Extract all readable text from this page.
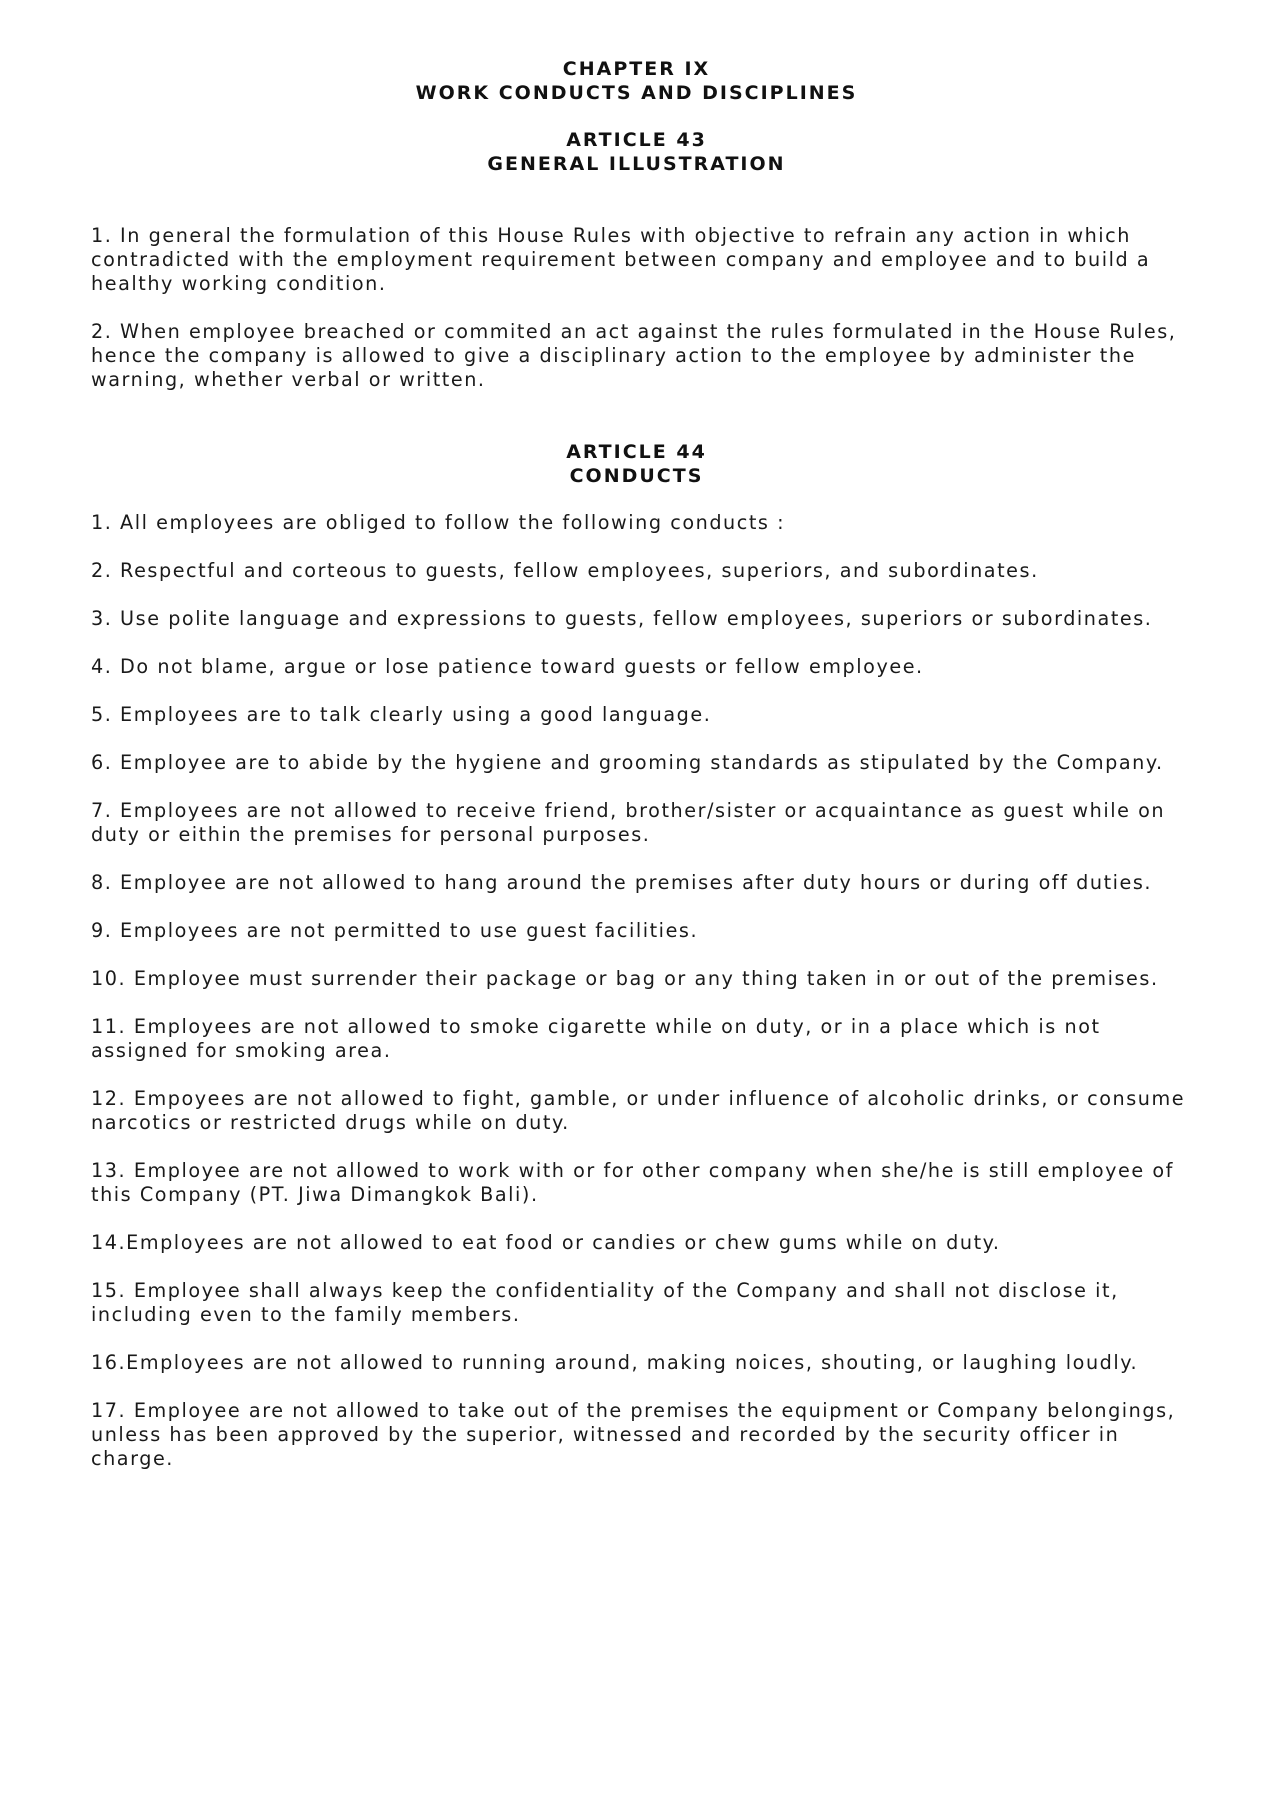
CHAPTER IX
WORK CONDUCTS AND DISCIPLINES
ARTICLE 43
GENERAL ILLUSTRATION

1. In general the formulation of this House Rules with objective to refrain any action in which contradicted with the employment requirement between company and employee and to build a healthy working condition.

2. When employee breached or commited an act against the rules formulated in the House Rules, hence the company is allowed to give a disciplinary action to the employee by administer the warning, whether verbal or written.

ARTICLE 44
CONDUCTS

1. All employees are obliged to follow the following conducts :

2. Respectful and corteous to guests, fellow employees, superiors, and subordinates.

3. Use polite language and expressions to guests, fellow employees, superiors or subordinates.

4. Do not blame, argue or lose patience toward guests or fellow employee.

5. Employees are to talk clearly using a good language.

6. Employee are to abide by the hygiene and grooming standards as stipulated by the Company.

7. Employees are not allowed to receive friend, brother/sister or acquaintance as guest while on duty or eithin the premises for personal purposes.

8. Employee are not allowed to hang around the premises after duty hours or during off duties.

9. Employees are not permitted to use guest facilities.

10. Employee must surrender their package or bag or any thing taken in or out of the premises.

11. Employees are not allowed to smoke cigarette while on duty, or in a place which is not assigned for smoking area.

12. Empoyees are not allowed to fight, gamble, or under influence of alcoholic drinks, or consume narcotics or restricted drugs while on duty.

13. Employee are not allowed to work with or for other company when she/he is still employee of this Company (PT. Jiwa Dimangkok Bali).

14.Employees are not allowed to eat food or candies or chew gums while on duty.

15. Employee shall always keep the confidentiality of the Company and shall not disclose it, including even to the family members.

16.Employees are not allowed to running around, making noices, shouting, or laughing loudly.

17. Employee are not allowed to take out of the premises the equipment or Company belongings, unless has been approved by the superior, witnessed and recorded by the security officer in charge.
